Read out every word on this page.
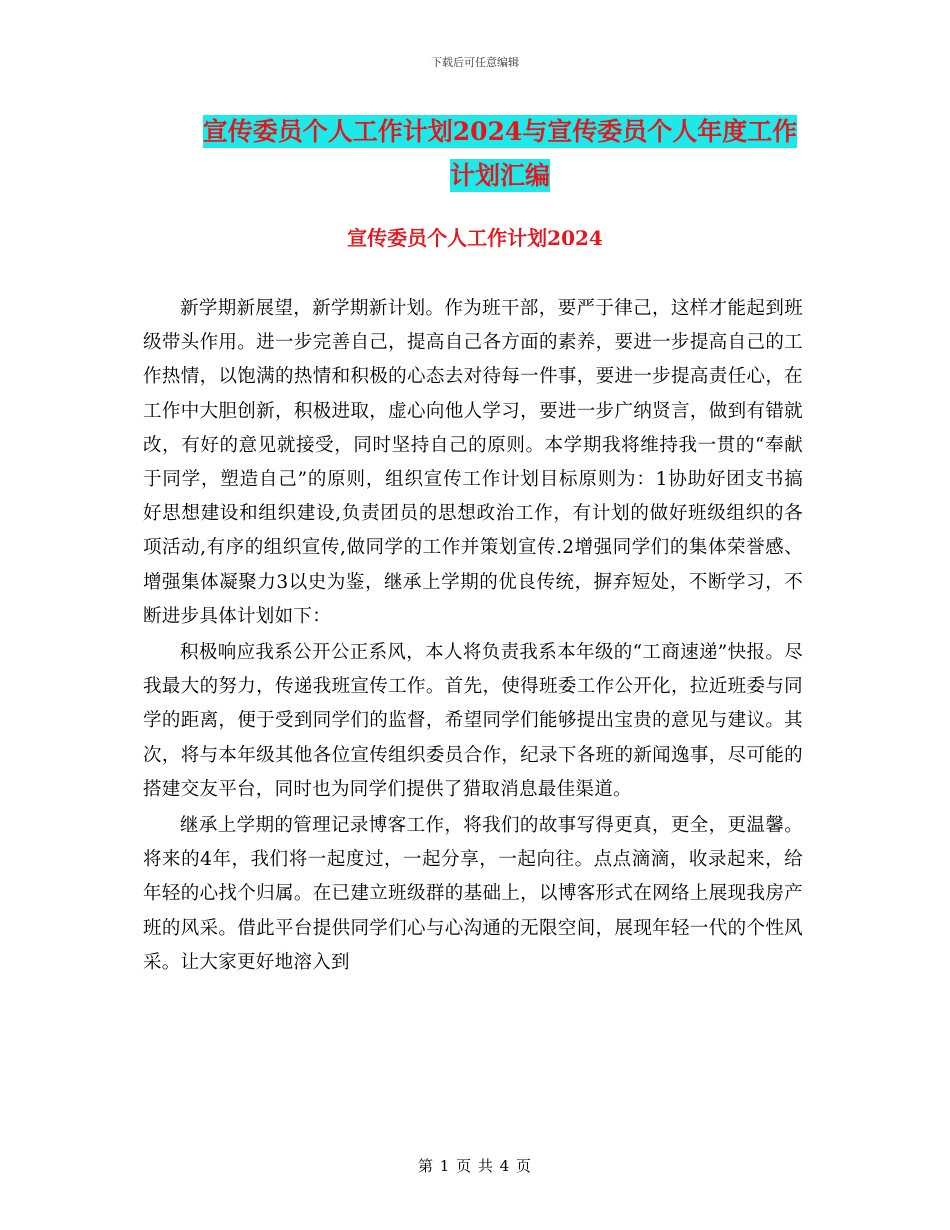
下载后可任意编辑
宣传委员个人工作计划2024与宣传委员个人年度工作
计划汇编
宣传委员个人工作计划2024

新学期新展望，新学期新计划。作为班干部，要严于律己，这样才能起到班级带头作用。进一步完善自己，提高自己各方面的素养，要进一步提高自己的工作热情，以饱满的热情和积极的心态去对待每一件事，要进一步提高责任心，在工作中大胆创新，积极进取，虚心向他人学习，要进一步广纳贤言，做到有错就改，有好的意见就接受，同时坚持自己的原则。本学期我将维持我一贯的“奉献于同学，塑造自己”的原则，组织宣传工作计划目标原则为：1协助好团支书搞好思想建设和组织建设,负责团员的思想政治工作，有计划的做好班级组织的各项活动,有序的组织宣传,做同学的工作并策划宣传.2增强同学们的集体荣誉感、增强集体凝聚力3以史为鉴，继承上学期的优良传统，摒弃短处，不断学习，不断进步具体计划如下：

积极响应我系公开公正系风，本人将负责我系本年级的“工商速递”快报。尽我最大的努力，传递我班宣传工作。首先，使得班委工作公开化，拉近班委与同学的距离，便于受到同学们的监督，希望同学们能够提出宝贵的意见与建议。其次，将与本年级其他各位宣传组织委员合作，纪录下各班的新闻逸事，尽可能的搭建交友平台，同时也为同学们提供了猎取消息最佳渠道。

继承上学期的管理记录博客工作，将我们的故事写得更真，更全，更温馨。将来的4年，我们将一起度过，一起分享，一起向往。点点滴滴，收录起来，给年轻的心找个归属。在已建立班级群的基础上，以博客形式在网络上展现我房产班的风采。借此平台提供同学们心与心沟通的无限空间，展现年轻一代的个性风采。让大家更好地溶入到

第 1 页 共 4 页
